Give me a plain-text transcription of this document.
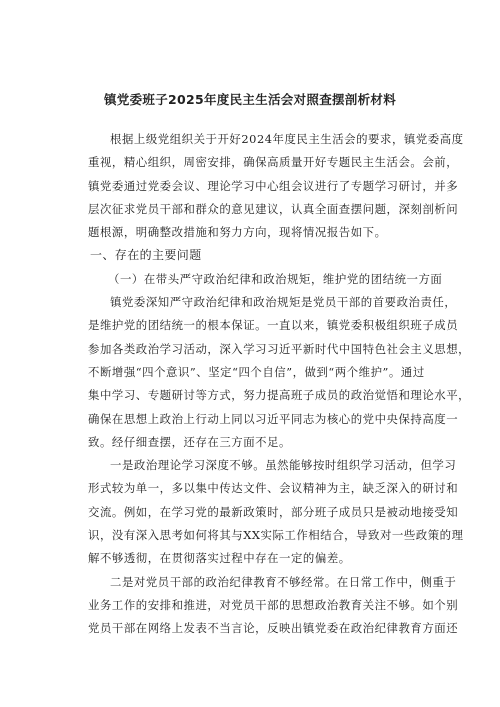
镇党委班子2025年度民主生活会对照查摆剖析材料
根据上级党组织关于开好2024年度民主生活会的要求，镇党委高度
重视，精心组织，周密安排，确保高质量开好专题民主生活会。会前，
镇党委通过党委会议、理论学习中心组会议进行了专题学习研讨，并多
层次征求党员干部和群众的意见建议，认真全面查摆问题，深刻剖析问
题根源，明确整改措施和努力方向，现将情况报告如下。
一、存在的主要问题
（一）在带头严守政治纪律和政治规矩，维护党的团结统一方面
镇党委深知严守政治纪律和政治规矩是党员干部的首要政治责任，
是维护党的团结统一的根本保证。一直以来，镇党委积极组织班子成员
参加各类政治学习活动，深入学习习近平新时代中国特色社会主义思想，
不断增强“四个意识”、坚定“四个自信”，做到“两个维护”。通过
集中学习、专题研讨等方式，努力提高班子成员的政治觉悟和理论水平，
确保在思想上政治上行动上同以习近平同志为核心的党中央保持高度一
致。经仔细查摆，还存在三方面不足。
一是政治理论学习深度不够。虽然能够按时组织学习活动，但学习
形式较为单一，多以集中传达文件、会议精神为主，缺乏深入的研讨和
交流。例如，在学习党的最新政策时，部分班子成员只是被动地接受知
识，没有深入思考如何将其与XX实际工作相结合，导致对一些政策的理
解不够透彻，在贯彻落实过程中存在一定的偏差。
二是对党员干部的政治纪律教育不够经常。在日常工作中，侧重于
业务工作的安排和推进，对党员干部的思想政治教育关注不够。如个别
党员干部在网络上发表不当言论，反映出镇党委在政治纪律教育方面还
